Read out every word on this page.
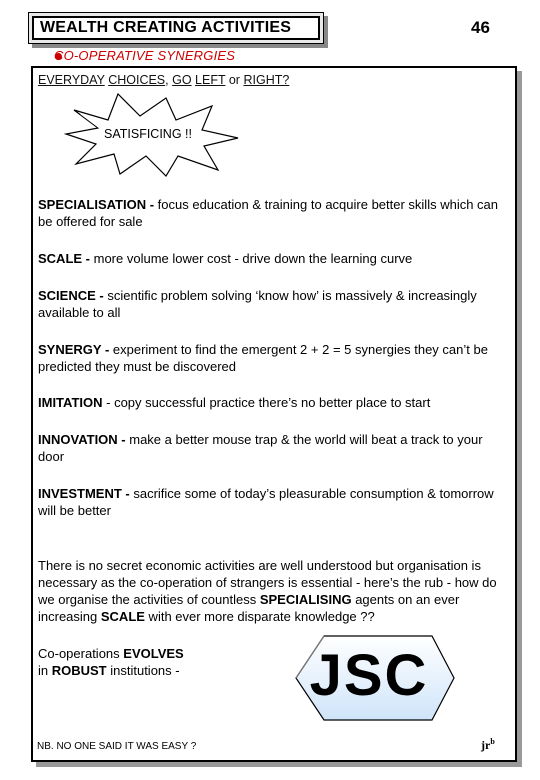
WEALTH CREATING ACTIVITIES	46
CO-OPERATIVE SYNERGIES
EVERYDAY CHOICES, GO LEFT or RIGHT?
SATISFICING !!
SPECIALISATION - focus education & training to acquire better skills which can be offered for sale
SCALE - more volume lower cost - drive down the learning curve
SCIENCE - scientific problem solving ‘know how’ is massively & increasingly available to all
SYNERGY - experiment to find the emergent 2 + 2 = 5 synergies they can’t be predicted they must be discovered
IMITATION - copy successful practice there’s no better place to start
INNOVATION - make a better mouse trap & the world will beat a track to your door
INVESTMENT - sacrifice some of today’s pleasurable consumption & tomorrow will be better
There is no secret economic activities are well understood but organisation is necessary as the co-operation of strangers is essential - here’s the rub - how do we organise the activities of countless SPECIALISING agents on an ever increasing SCALE with ever more disparate knowledge ??
Co-operations EVOLVES
in ROBUST institutions -	JSC
NB. NO ONE SAID IT WAS EASY ?	$jr^b$
